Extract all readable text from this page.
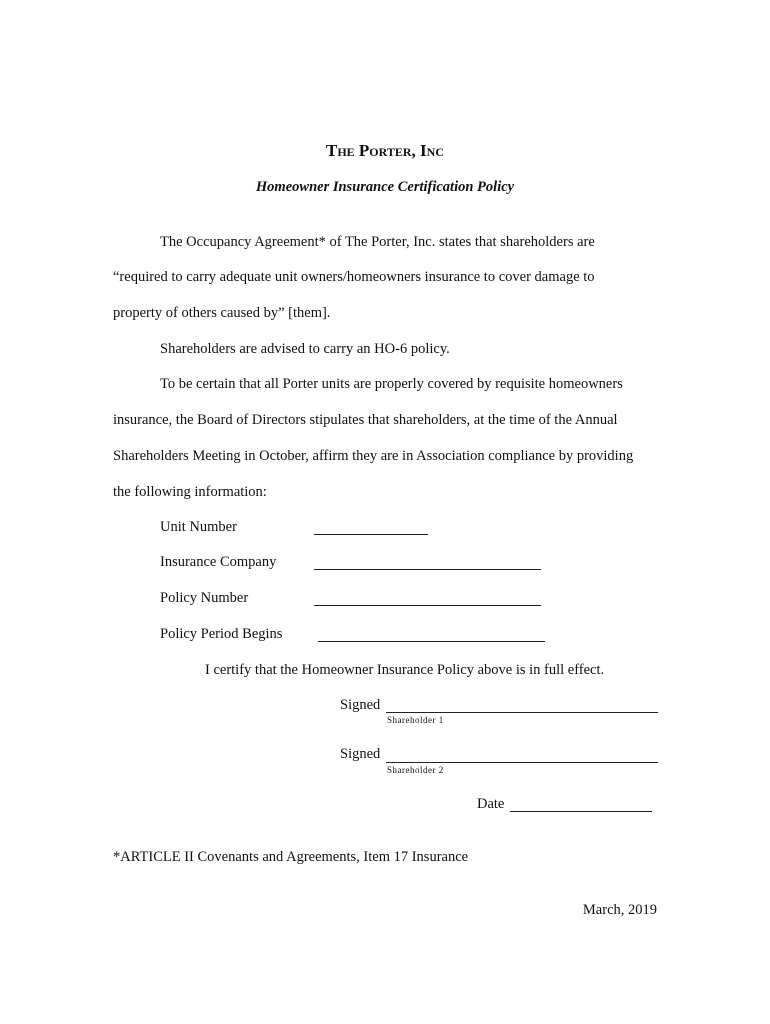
The Porter, Inc
Homeowner Insurance Certification Policy
The Occupancy Agreement* of The Porter, Inc. states that shareholders are
“required to carry adequate unit owners/homeowners insurance to cover damage to
property of others caused by” [them].
Shareholders are advised to carry an HO-6 policy.
To be certain that all Porter units are properly covered by requisite homeowners
insurance, the Board of Directors stipulates that shareholders, at the time of the Annual
Shareholders Meeting in October, affirm they are in Association compliance by providing
the following information:
Unit Number
Insurance Company
Policy Number
Policy Period Begins
I certify that the Homeowner Insurance Policy above is in full effect.
Signed
Shareholder 1
Signed
Shareholder 2
Date
*ARTICLE II Covenants and Agreements, Item 17 Insurance
March, 2019
